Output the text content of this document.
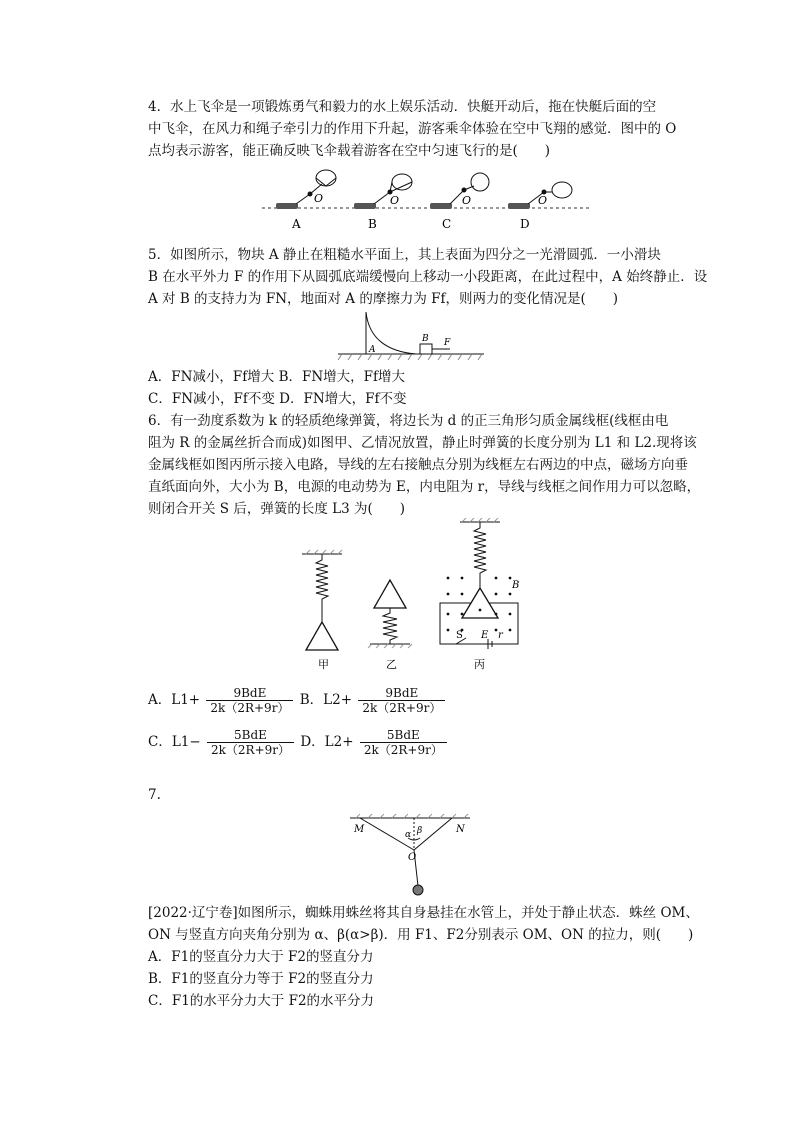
4．水上飞伞是一项锻炼勇气和毅力的水上娱乐活动．快艇开动后，拖在快艇后面的空
中飞伞，在风力和绳子牵引力的作用下升起，游客乘伞体验在空中飞翔的感觉．图中的 O
点均表示游客，能正确反映飞伞载着游客在空中匀速飞行的是(　　)
O
A
O
B
O
C
O
D
5．如图所示，物块 A 静止在粗糙水平面上，其上表面为四分之一光滑圆弧．一小滑块
B 在水平外力 F 的作用下从圆弧底端缓慢向上移动一小段距离，在此过程中，A 始终静止．设
A 对 B 的支持力为 FN，地面对 A 的摩擦力为 Ff，则两力的变化情况是(　　)
A
B F
A．FN减小，Ff增大 B．FN增大，Ff增大
C．FN减小，Ff不变 D．FN增大，Ff不变
6．有一劲度系数为 k 的轻质绝缘弹簧，将边长为 d 的正三角形匀质金属线框(线框由电
阻为 R 的金属丝折合而成)如图甲、乙情况放置，静止时弹簧的长度分别为 L1 和 L2.现将该
金属线框如图丙所示接入电路，导线的左右接触点分别为线框左右两边的中点，磁场方向垂
直纸面向外，大小为 B，电源的电动势为 E，内电阻为 r，导线与线框之间作用力可以忽略，
则闭合开关 S 后，弹簧的长度 L3 为(　　)
甲	乙
B
S E r
丙
A．$L1+ \frac{\text{9BdE}}{2k(2R+9r)}$ B．$L2+ \frac{\text{9BdE}}{2k(2R+9r)}$
C．$L1- \frac{\text{5BdE}}{2k(2R+9r)}$ D．$L2+ \frac{\text{5BdE}}{2k(2R+9r)}$
7.
M	N
O
α β
[2022·辽宁卷]如图所示，蜘蛛用蛛丝将其自身悬挂在水管上，并处于静止状态．蛛丝 OM、
ON 与竖直方向夹角分别为 α、β(α>β)．用 F1、F2分别表示 OM、ON 的拉力，则(　　)
A．F1的竖直分力大于 F2的竖直分力
B．F1的竖直分力等于 F2的竖直分力
C．F1的水平分力大于 F2的水平分力
